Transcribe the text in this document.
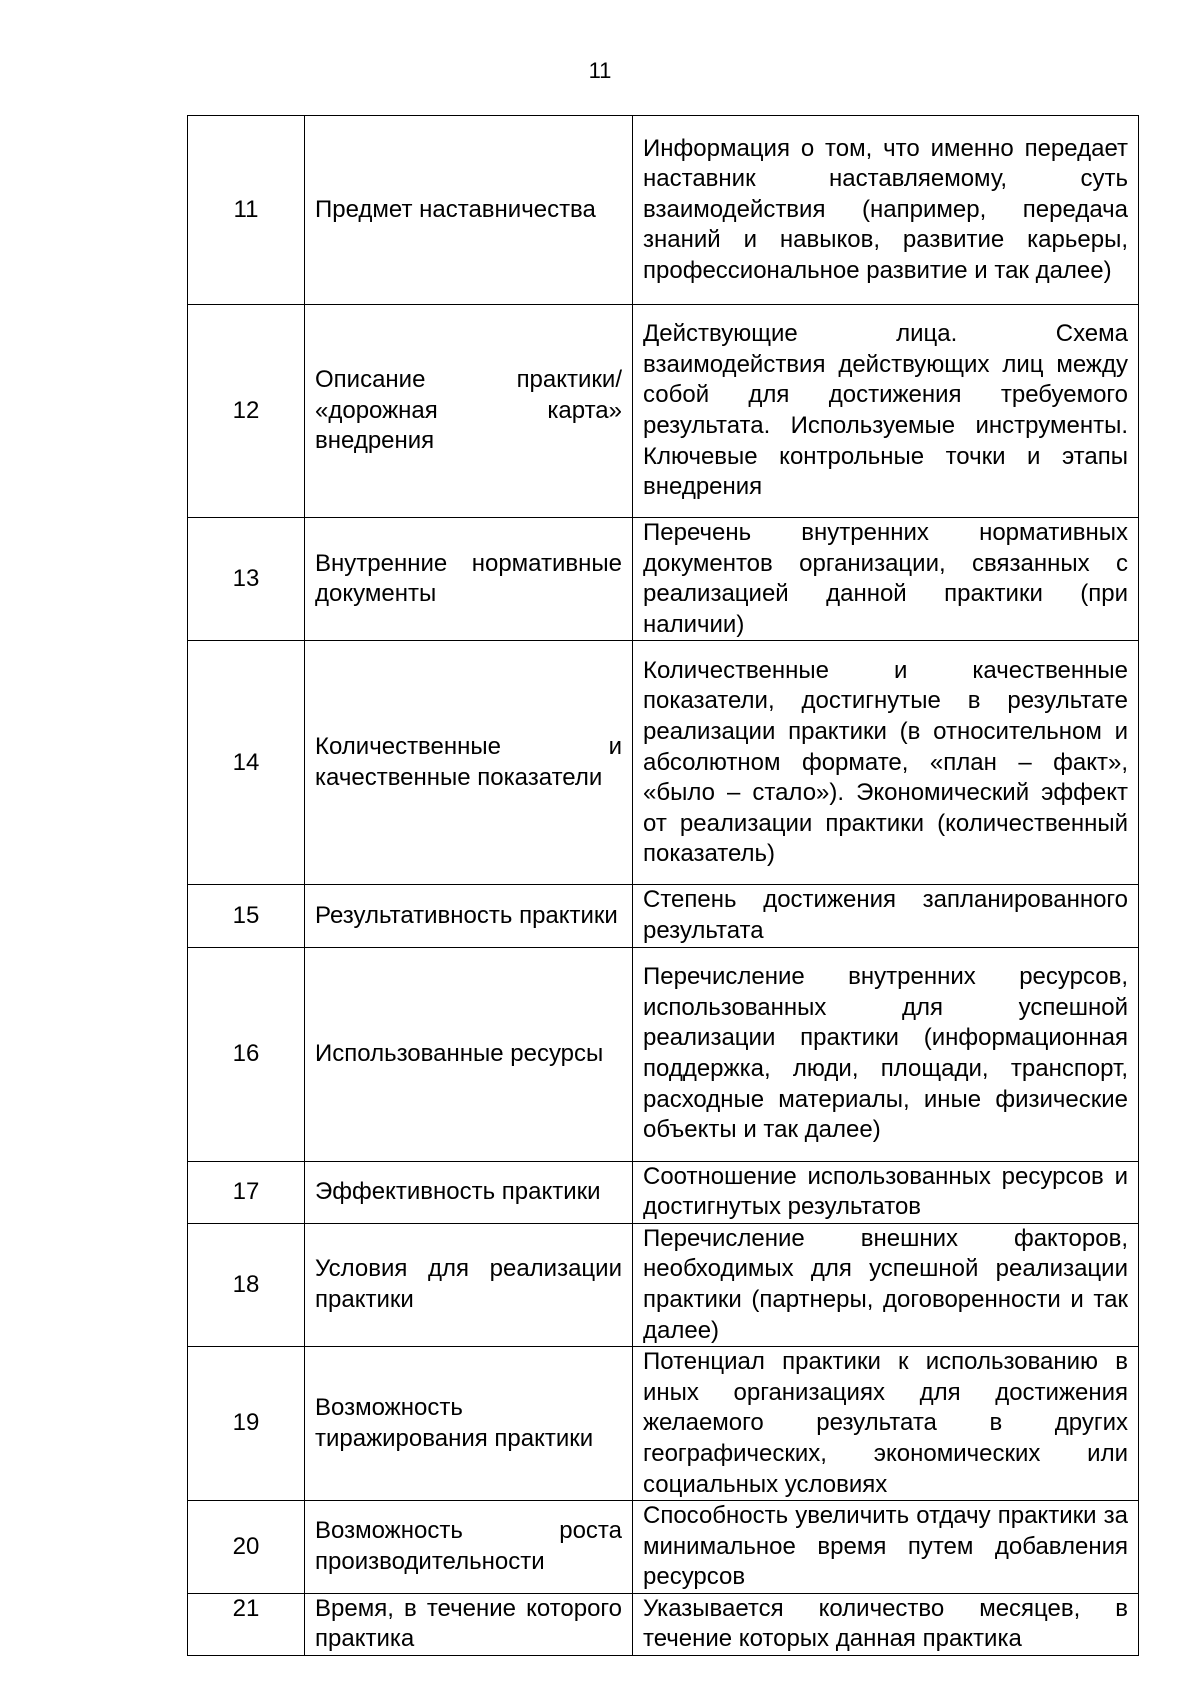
11
11	Предмет наставничества	Информация о том, что именно передает наставник наставляемому, суть взаимодействия (например, передача знаний и навыков, развитие карьеры, профессиональное развитие и так далее)
12	Описание практики/ «дорожная карта» внедрения	Действующие лица. Схема взаимодействия действующих лиц между собой для достижения требуемого результата. Используемые инструменты. Ключевые контрольные точки и этапы внедрения
13	Внутренние нормативные документы	Перечень внутренних нормативных документов организации, связанных с реализацией данной практики (при наличии)
14	Количественные и качественные показатели	Количественные и качественные показатели, достигнутые в результате реализации практики (в относительном и абсолютном формате, «план – факт», «было – стало»). Экономический эффект от реализации практики (количественный показатель)
15	Результативность практики	Степень достижения запланированного результата
16	Использованные ресурсы	Перечисление внутренних ресурсов, использованных для успешной реализации практики (информационная поддержка, люди, площади, транспорт, расходные материалы, иные физические объекты и так далее)
17	Эффективность практики	Соотношение использованных ресурсов и достигнутых результатов
18	Условия для реализации практики	Перечисление внешних факторов, необходимых для успешной реализации практики (партнеры, договоренности и так далее)
19	Возможность тиражирования практики	Потенциал практики к использованию в иных организациях для достижения желаемого результата в других географических, экономических или социальных условиях
20	Возможность роста производительности	Способность увеличить отдачу практики за минимальное время путем добавления ресурсов
21	Время, в течение которого практика	Указывается количество месяцев, в течение которых данная практика
